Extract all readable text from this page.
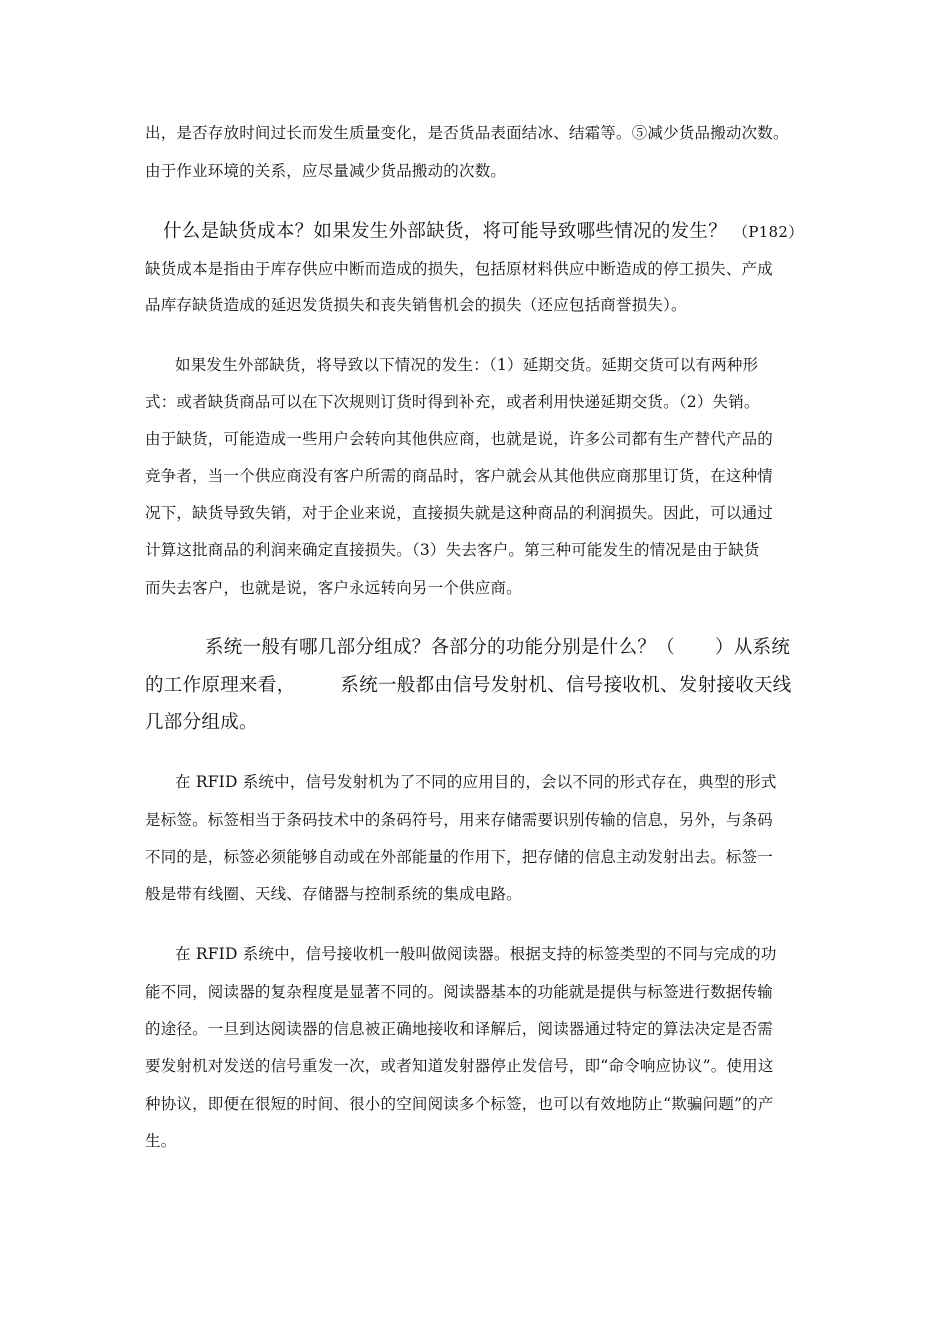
出，是否存放时间过长而发生质量变化，是否货品表面结冰、结霜等。⑤减少货品搬动次数。
由于作业环境的关系，应尽量减少货品搬动的次数。
什么是缺货成本？如果发生外部缺货，将可能导致哪些情况的发生？ （P182）
缺货成本是指由于库存供应中断而造成的损失，包括原材料供应中断造成的停工损失、产成
品库存缺货造成的延迟发货损失和丧失销售机会的损失（还应包括商誉损失）。
如果发生外部缺货，将导致以下情况的发生：（1）延期交货。延期交货可以有两种形
式：或者缺货商品可以在下次规则订货时得到补充，或者利用快递延期交货。（2）失销。
由于缺货，可能造成一些用户会转向其他供应商，也就是说，许多公司都有生产替代产品的
竞争者，当一个供应商没有客户所需的商品时，客户就会从其他供应商那里订货，在这种情
况下，缺货导致失销，对于企业来说，直接损失就是这种商品的利润损失。因此，可以通过
计算这批商品的利润来确定直接损失。（3）失去客户。第三种可能发生的情况是由于缺货
而失去客户，也就是说，客户永远转向另一个供应商。
系统一般有哪几部分组成？各部分的功能分别是什么？（ ）从系统
的工作原理来看， 系统一般都由信号发射机、信号接收机、发射接收天线
几部分组成。
在 RFID 系统中，信号发射机为了不同的应用目的，会以不同的形式存在，典型的形式
是标签。标签相当于条码技术中的条码符号，用来存储需要识别传输的信息，另外，与条码
不同的是，标签必须能够自动或在外部能量的作用下，把存储的信息主动发射出去。标签一
般是带有线圈、天线、存储器与控制系统的集成电路。
在 RFID 系统中，信号接收机一般叫做阅读器。根据支持的标签类型的不同与完成的功
能不同，阅读器的复杂程度是显著不同的。阅读器基本的功能就是提供与标签进行数据传输
的途径。一旦到达阅读器的信息被正确地接收和译解后，阅读器通过特定的算法决定是否需
要发射机对发送的信号重发一次，或者知道发射器停止发信号，即“命令响应协议”。使用这
种协议，即便在很短的时间、很小的空间阅读多个标签，也可以有效地防止“欺骗问题”的产
生。
